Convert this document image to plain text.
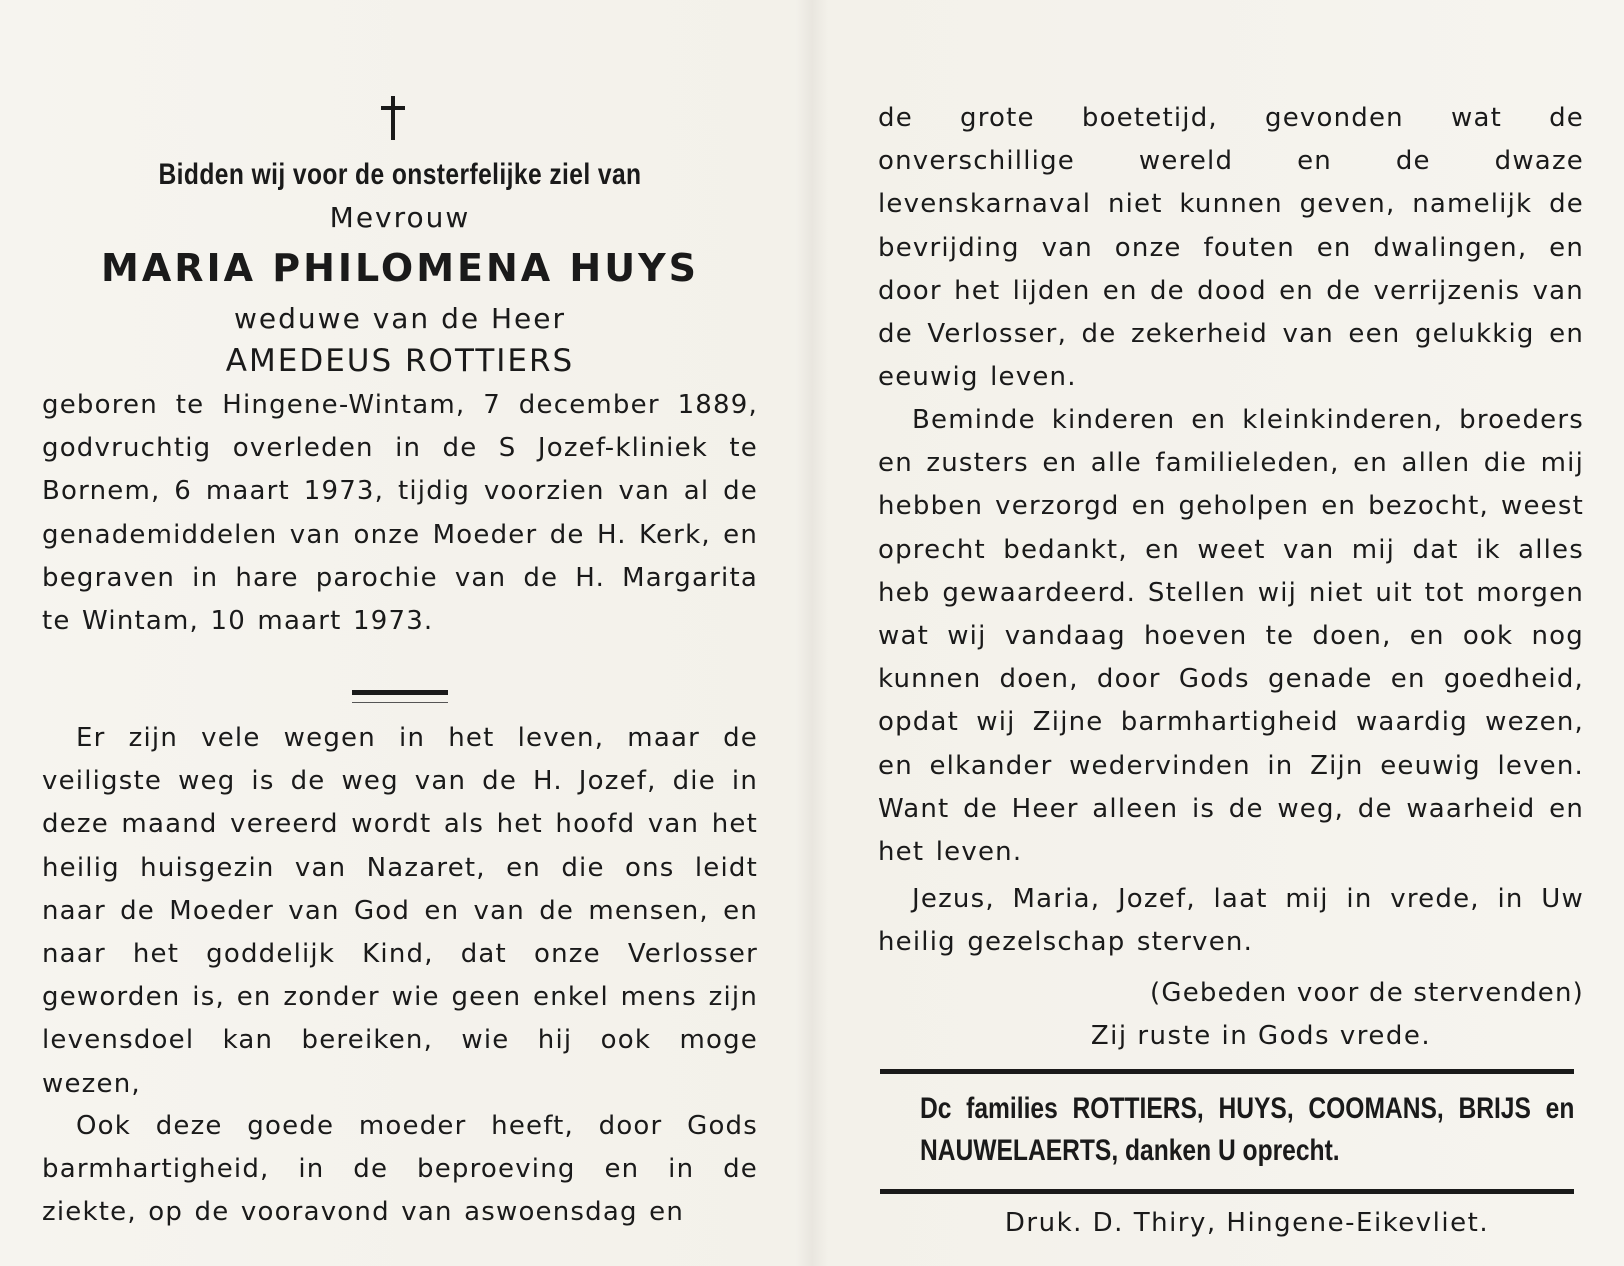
Bidden wij voor de onsterfelijke ziel van
Mevrouw
MARIA PHILOMENA HUYS
weduwe van de Heer
AMEDEUS ROTTIERS
geboren te Hingene-Wintam, 7 december 1889, godvruchtig overleden in de S Jozef-kliniek te Bornem, 6 maart 1973, tijdig voorzien van al de genademiddelen van onze Moeder de H. Kerk, en begraven in hare parochie van de H. Margarita te Wintam, 10 maart 1973.
Er zijn vele wegen in het leven, maar de veiligste weg is de weg van de H. Jozef, die in deze maand vereerd wordt als het hoofd van het heilig huisgezin van Nazaret, en die ons leidt naar de Moeder van God en van de mensen, en naar het goddelijk Kind, dat onze Verlosser geworden is, en zonder wie geen enkel mens zijn levensdoel kan bereiken, wie hij ook moge wezen,
Ook deze goede moeder heeft, door Gods barmhartigheid, in de beproeving en in de ziekte, op de vooravond van aswoensdag en
de grote boetetijd, gevonden wat de onverschillige wereld en de dwaze levenskarnaval niet kunnen geven, namelijk de bevrijding van onze fouten en dwalingen, en door het lijden en de dood en de verrijzenis van de Verlosser, de zekerheid van een gelukkig en eeuwig leven.
Beminde kinderen en kleinkinderen, broeders en zusters en alle familieleden, en allen die mij hebben verzorgd en geholpen en bezocht, weest oprecht bedankt, en weet van mij dat ik alles heb gewaardeerd. Stellen wij niet uit tot morgen wat wij vandaag hoeven te doen, en ook nog kunnen doen, door Gods genade en goedheid, opdat wij Zijne barmhartigheid waardig wezen, en elkander wedervinden in Zijn eeuwig leven. Want de Heer alleen is de weg, de waarheid en het leven.
Jezus, Maria, Jozef, laat mij in vrede, in Uw heilig gezelschap sterven.
(Gebeden voor de stervenden)
Zij ruste in Gods vrede.
Dc families ROTTIERS, HUYS, COOMANS, BRIJS en NAUWELAERTS, danken U oprecht.
Druk. D. Thiry, Hingene-Eikevliet.
